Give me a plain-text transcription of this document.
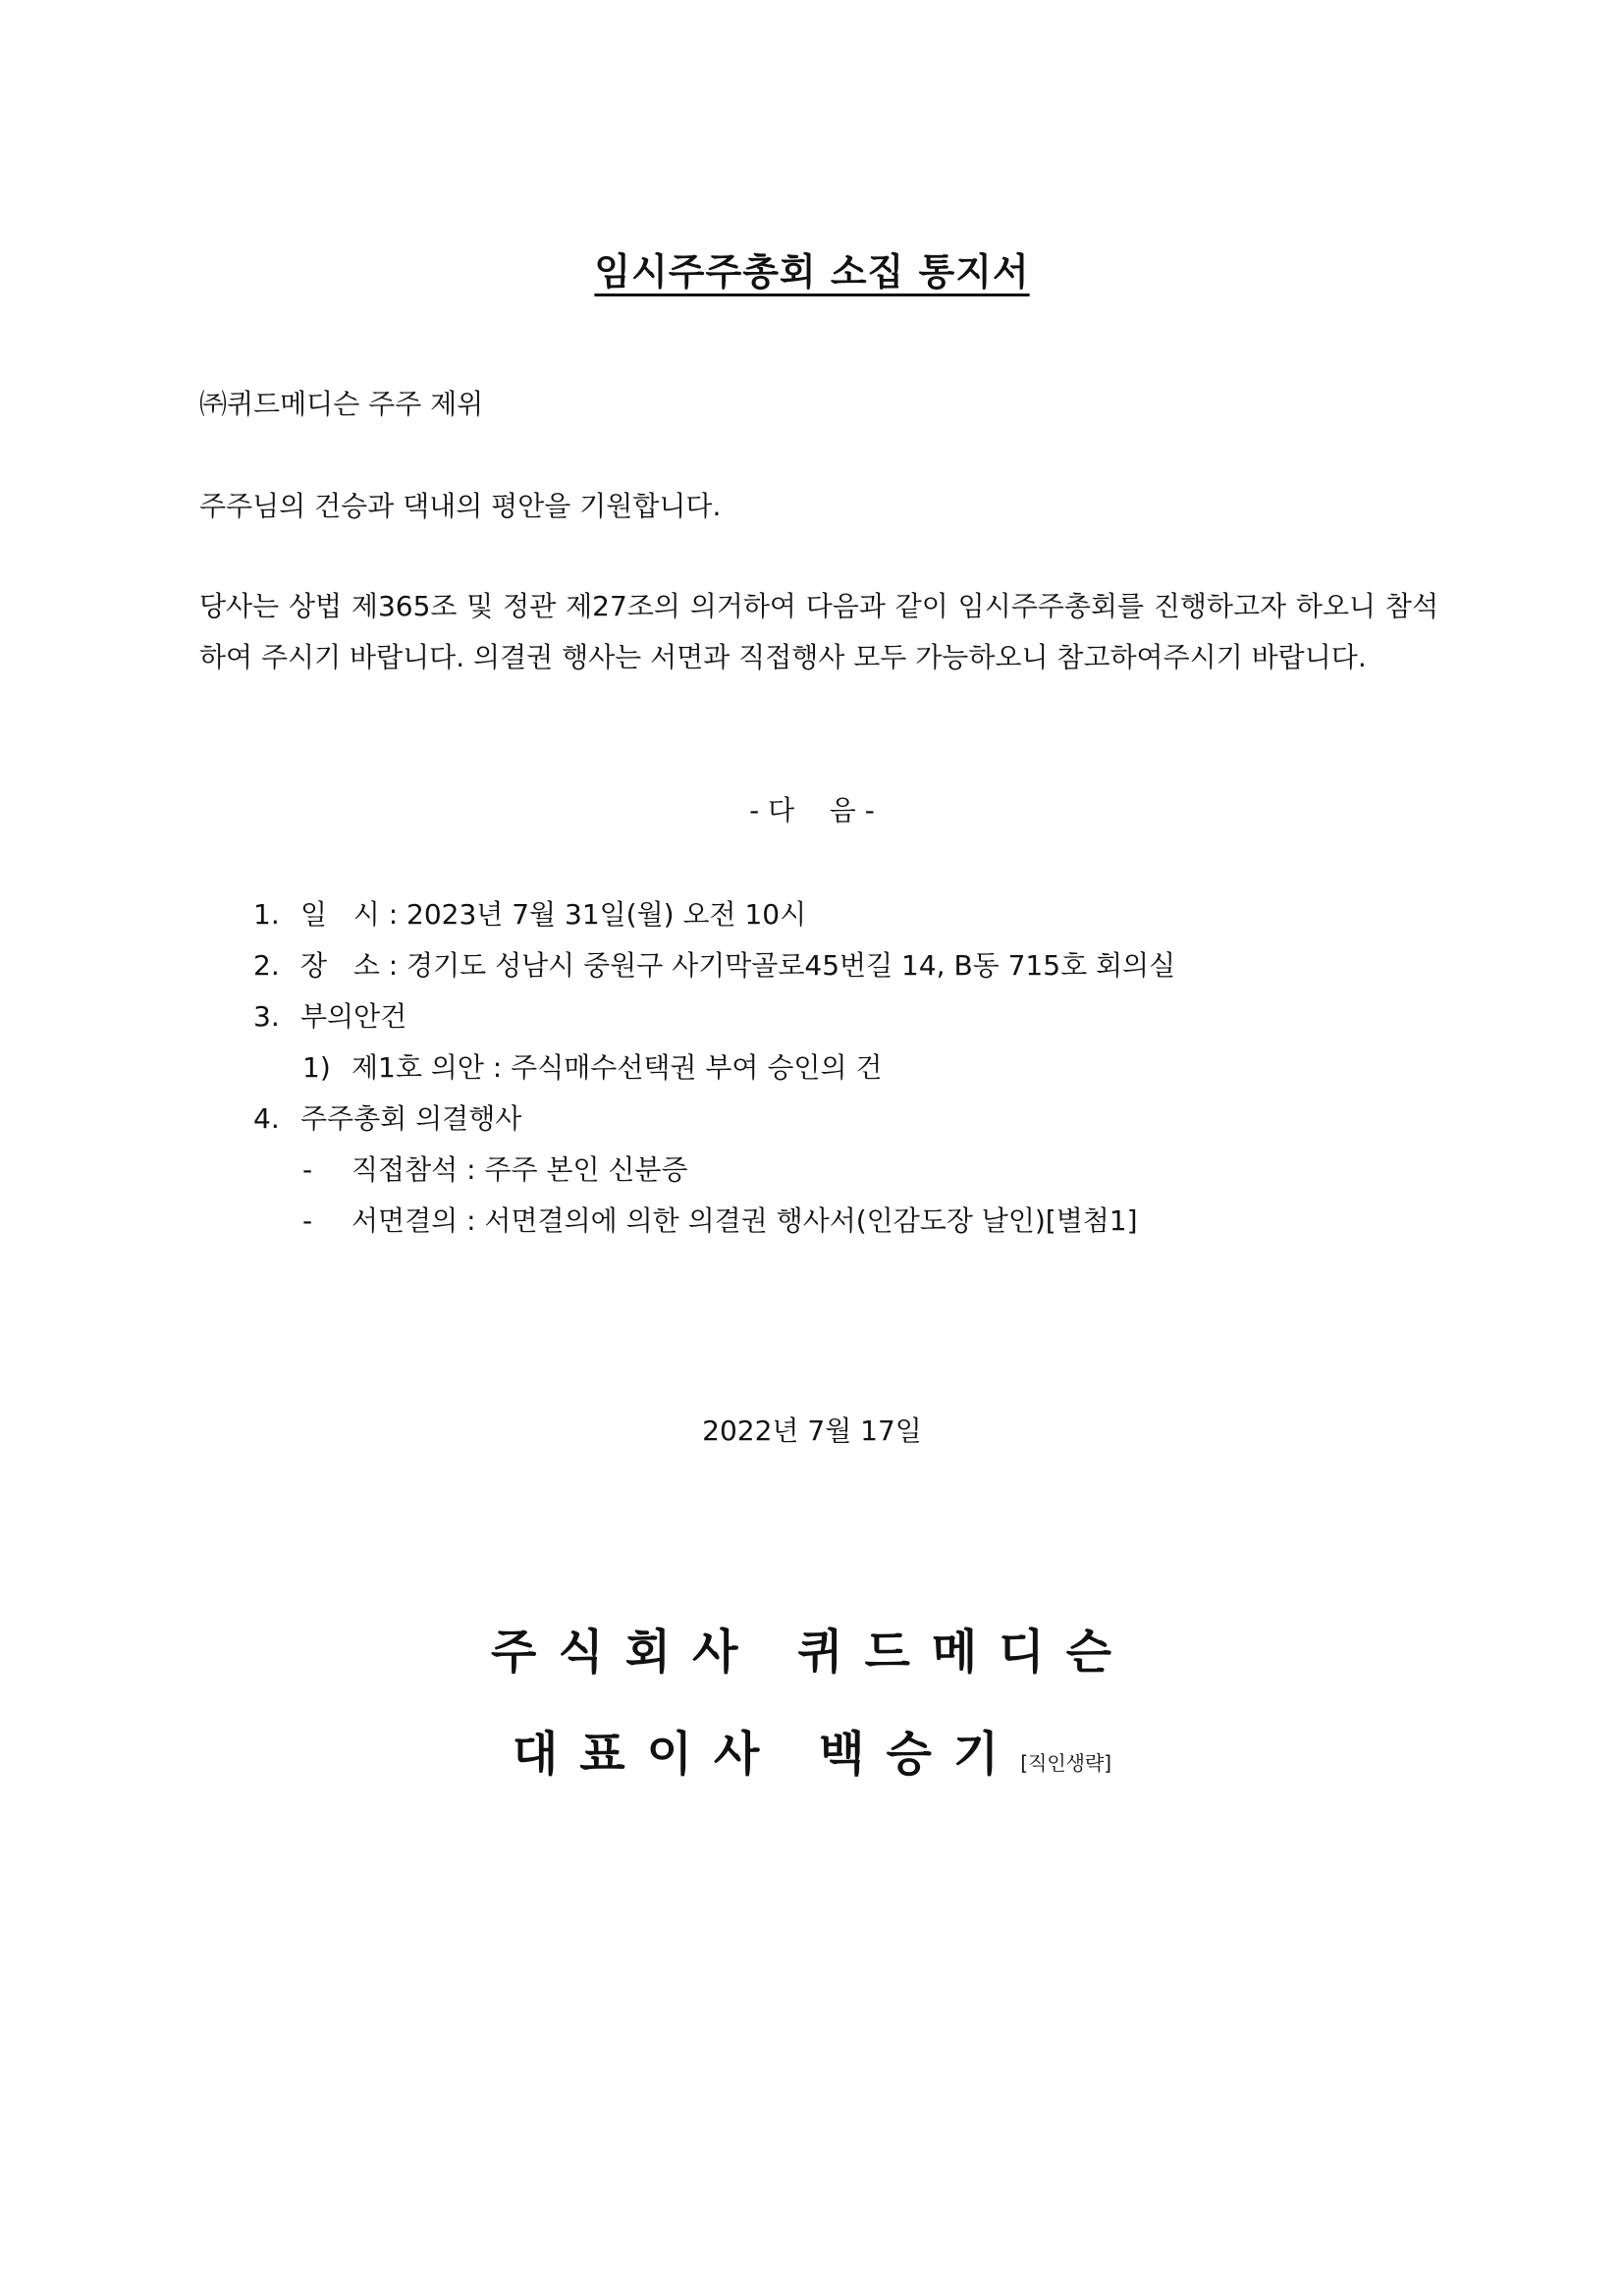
임시주주총회 소집 통지서
㈜퀴드메디슨 주주 제위
주주님의 건승과 댁내의 평안을 기원합니다.
당사는 상법 제365조 및 정관 제27조의 의거하여 다음과 같이 임시주주총회를 진행하고자 하오니 참석하여 주시기 바랍니다. 의결권 행사는 서면과 직접행사 모두 가능하오니 참고하여주시기 바랍니다.
- 다    음 -
1. 일   시 : 2023년 7월 31일(월) 오전 10시
2. 장   소 : 경기도 성남시 중원구 사기막골로45번길 14, B동 715호 회의실
3. 부의안건
1) 제1호 의안 : 주식매수선택권 부여 승인의 건
4. 주주총회 의결행사
- 직접참석 : 주주 본인 신분증
- 서면결의 : 서면결의에 의한 의결권 행사서(인감도장 날인)[별첨1]
2022년 7월 17일
주식회사 퀴드메디슨
대표이사 백승기[직인생략]
